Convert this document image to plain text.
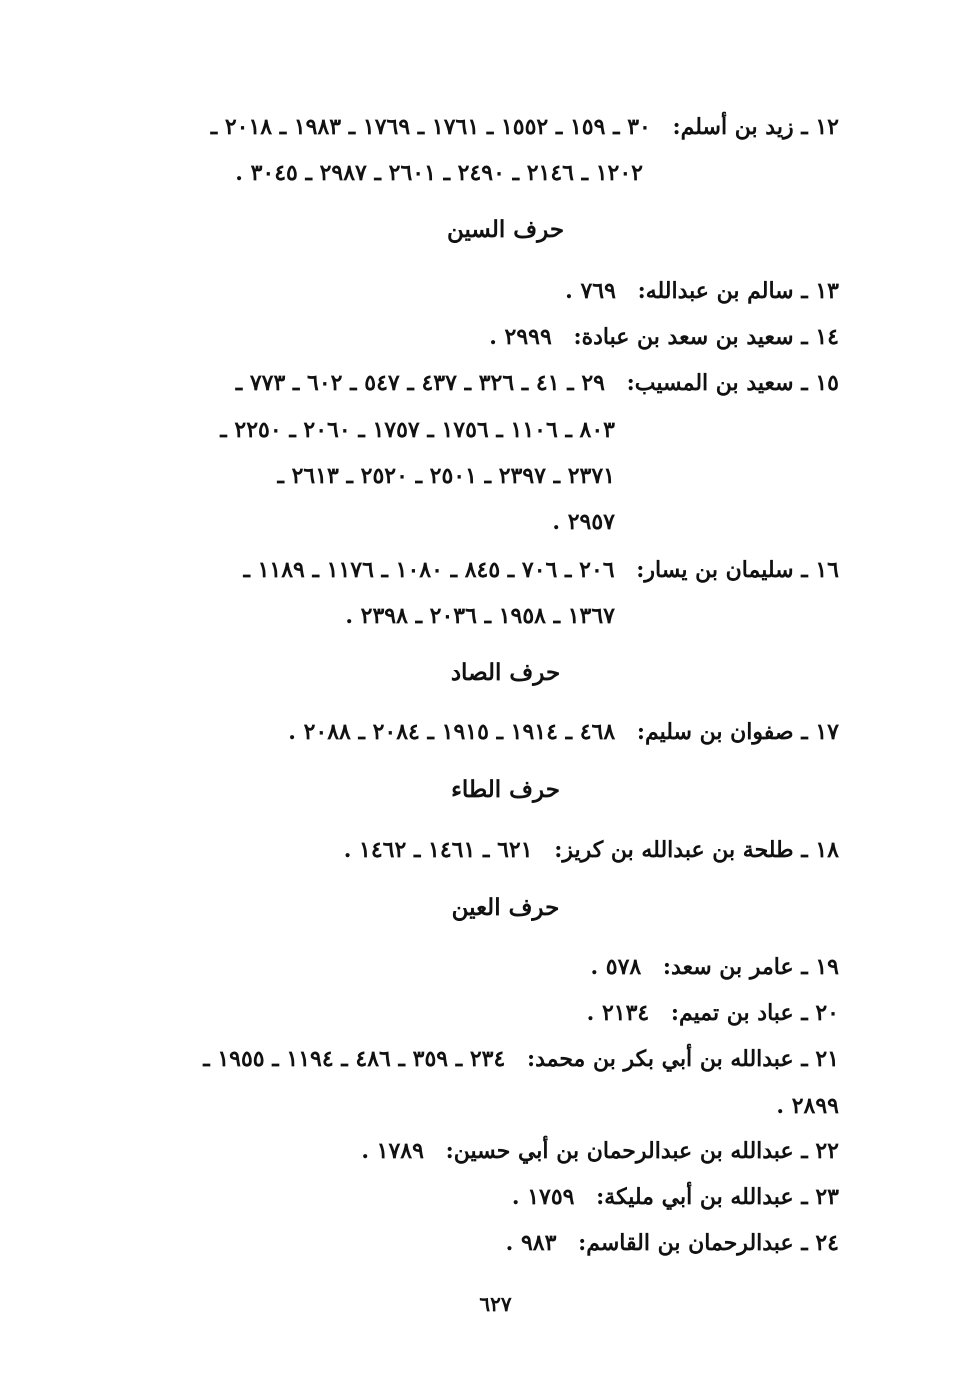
١٢ ـ زيد بن أسلم: ٣٠ ـ ١٥٩ ـ ١٥٥٢ ـ ١٧٦١ ـ ١٧٦٩ ـ ١٩٨٣ ـ ٢٠١٨ ـ
١٢٠٢ ـ ٢١٤٦ ـ ٢٤٩٠ ـ ٢٦٠١ ـ ٢٩٨٧ ـ ٣٠٤٥ .
حرف السين
١٣ ـ سالم بن عبدالله: ٧٦٩ .
١٤ ـ سعيد بن سعد بن عبادة: ٢٩٩٩ .
١٥ ـ سعيد بن المسيب: ٢٩ ـ ٤١ ـ ٣٢٦ ـ ٤٣٧ ـ ٥٤٧ ـ ٦٠٢ ـ ٧٧٣ ـ
٨٠٣ ـ ١١٠٦ ـ ١٧٥٦ ـ ١٧٥٧ ـ ٢٠٦٠ ـ ٢٢٥٠ ـ
٢٣٧١ ـ ٢٣٩٧ ـ ٢٥٠١ ـ ٢٥٢٠ ـ ٢٦١٣ ـ
٢٩٥٧ .
١٦ ـ سليمان بن يسار: ٢٠٦ ـ ٧٠٦ ـ ٨٤٥ ـ ١٠٨٠ ـ ١١٧٦ ـ ١١٨٩ ـ
١٣٦٧ ـ ١٩٥٨ ـ ٢٠٣٦ ـ ٢٣٩٨ .
حرف الصاد
١٧ ـ صفوان بن سليم: ٤٦٨ ـ ١٩١٤ ـ ١٩١٥ ـ ٢٠٨٤ ـ ٢٠٨٨ .
حرف الطاء
١٨ ـ طلحة بن عبدالله بن كريز: ٦٢١ ـ ١٤٦١ ـ ١٤٦٢ .
حرف العين
١٩ ـ عامر بن سعد: ٥٧٨ .
٢٠ ـ عباد بن تميم: ٢١٣٤ .
٢١ ـ عبدالله بن أبي بكر بن محمد: ٢٣٤ ـ ٣٥٩ ـ ٤٨٦ ـ ١١٩٤ ـ ١٩٥٥ ـ
٢٨٩٩ .
٢٢ ـ عبدالله بن عبدالرحمان بن أبي حسين: ١٧٨٩ .
٢٣ ـ عبدالله بن أبي مليكة: ١٧٥٩ .
٢٤ ـ عبدالرحمان بن القاسم: ٩٨٣ .
٦٢٧
